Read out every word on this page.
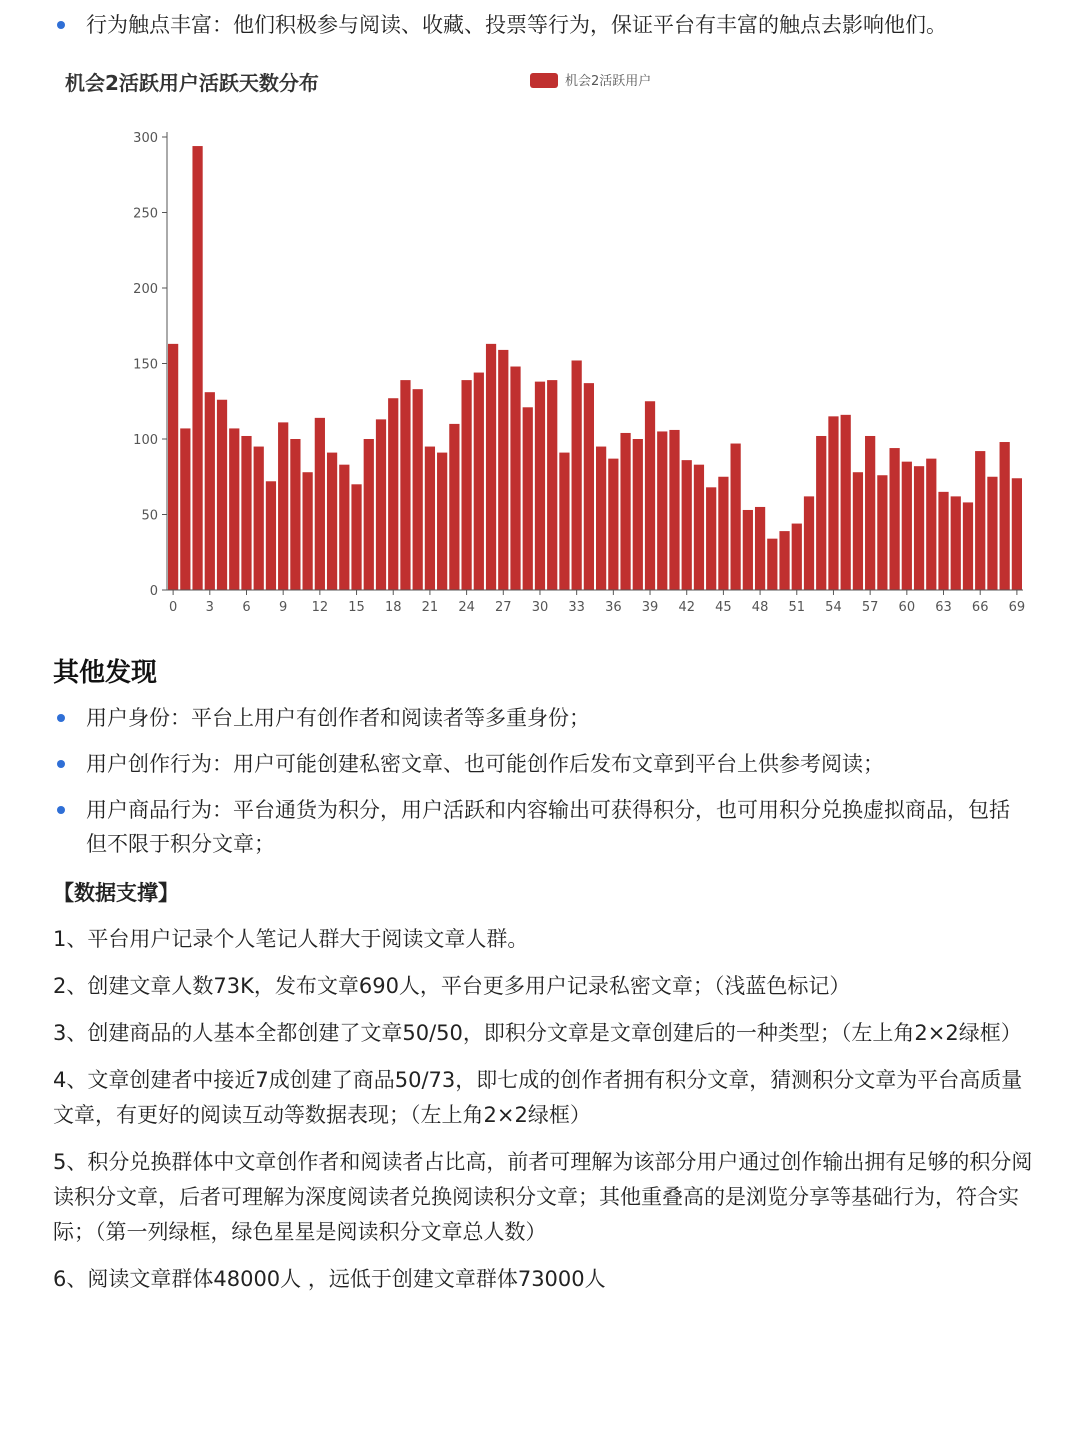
行为触点丰富：他们积极参与阅读、收藏、投票等行为，保证平台有丰富的触点去影响他们。
机会2活跃用户活跃天数分布	机会2活跃用户
0
50
100
150
200
250
300
0 3 6 9 12 15 18 21 24 27 30 33 36 39 42 45 48 51 54 57 60 63 66 69
其他发现
用户身份：平台上用户有创作者和阅读者等多重身份；
用户创作行为：用户可能创建私密文章、也可能创作后发布文章到平台上供参考阅读；
用户商品行为：平台通货为积分，用户活跃和内容输出可获得积分，也可用积分兑换虚拟商品，包括但不限于积分文章；
【数据支撑】

1、平台用户记录个人笔记人群大于阅读文章人群。

2、创建文章人数73K，发布文章690人，平台更多用户记录私密文章；（浅蓝色标记）

3、创建商品的人基本全都创建了文章50/50，即积分文章是文章创建后的一种类型；（左上角2×2绿框）

4、文章创建者中接近7成创建了商品50/73，即七成的创作者拥有积分文章，猜测积分文章为平台高质量文章，有更好的阅读互动等数据表现；（左上角2×2绿框）

5、积分兑换群体中文章创作者和阅读者占比高，前者可理解为该部分用户通过创作输出拥有足够的积分阅读积分文章，后者可理解为深度阅读者兑换阅读积分文章；其他重叠高的是浏览分享等基础行为，符合实际；（第一列绿框，绿色星星是阅读积分文章总人数）

6、阅读文章群体48000人 ，远低于创建文章群体73000人
